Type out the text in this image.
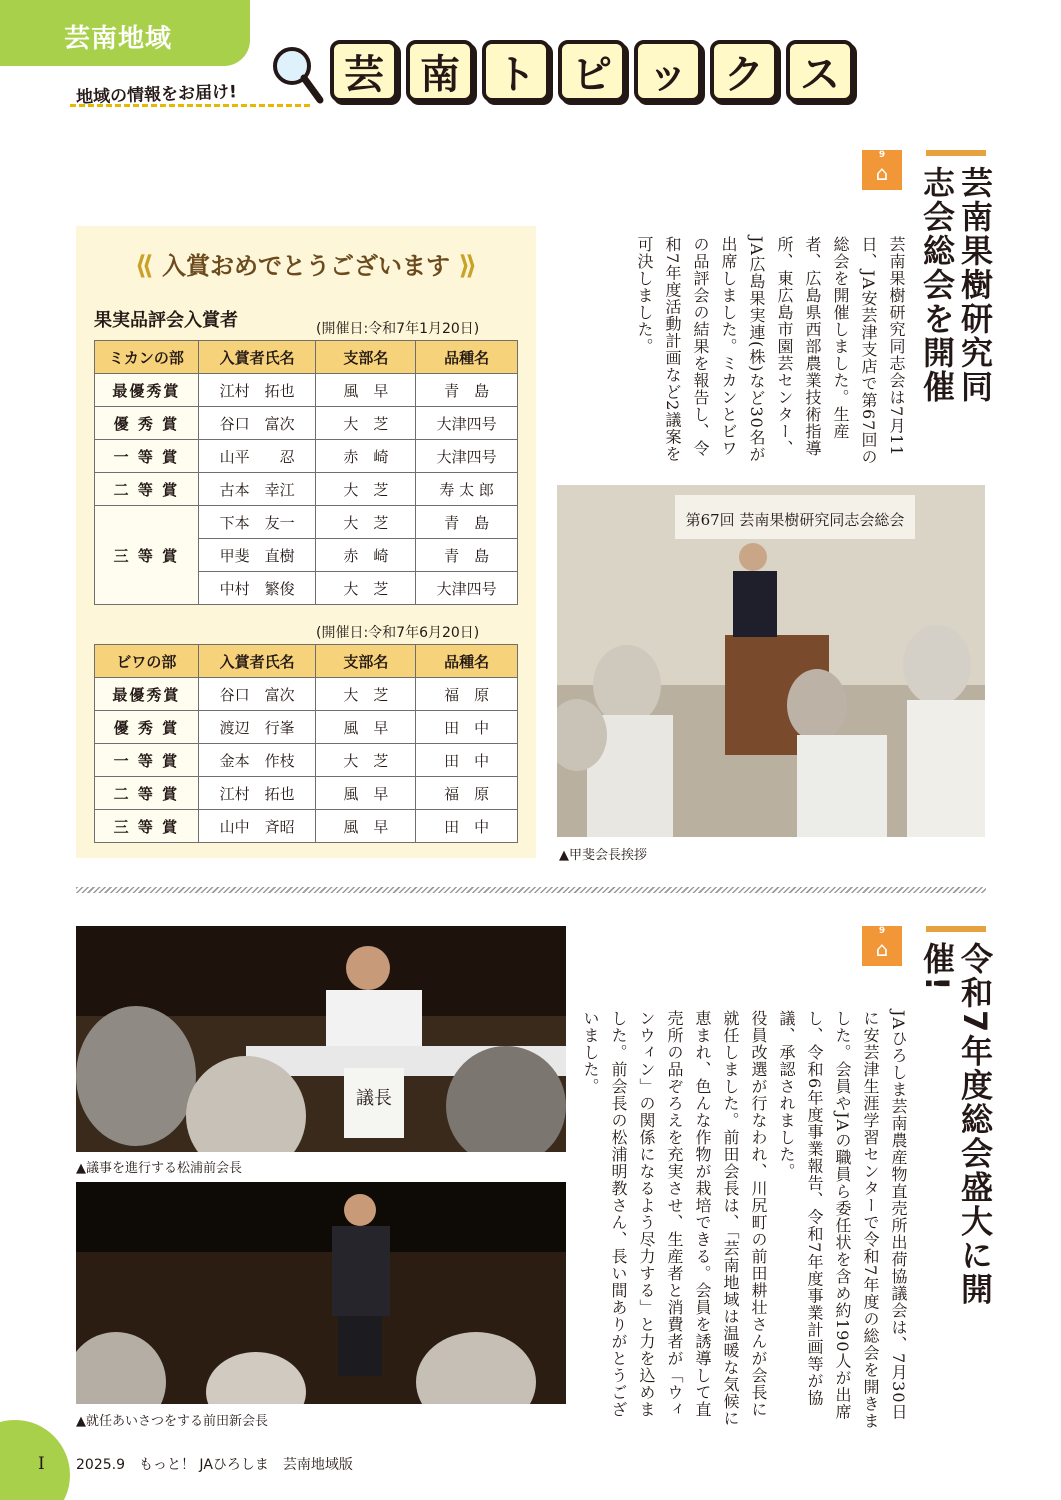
芸南地域
地域の情報をお届け!	芸 南 ト ピ ッ ク ス
9
⌂	芸南果樹研究同志会総会を開催
芸南果樹研究同志会は7月11日、JA安芸津支店で第67回の総会を開催しました。生産者、広島県西部農業技術指導所、東広島市園芸センター、JA広島果実連(株)など30名が出席しました。ミカンとビワの品評会の結果を報告し、令和7年度活動計画など2議案を可決しました。
第67回 芸南果樹研究同志会総会
▲甲斐会長挨拶
⟪ 入賞おめでとうございます ⟫
果実品評会入賞者	(開催日:令和7年1月20日)
ミカンの部	入賞者氏名	支部名	品種名
最優秀賞	江村　拓也	風　早	青　島
優 秀 賞	谷口　富次	大　芝	大津四号
一 等 賞	山平　　忍	赤　崎	大津四号
二 等 賞	古本　幸江	大　芝	寿 太 郎
三 等 賞	下本　友一	大　芝	青　島
	甲斐　直樹	赤　崎	青　島
	中村　繁俊	大　芝	大津四号
(開催日:令和7年6月20日)
ビワの部	入賞者氏名	支部名	品種名
最優秀賞	谷口　富次	大　芝	福　原
優 秀 賞	渡辺　行峯	風　早	田　中
一 等 賞	金本　作枝	大　芝	田　中
二 等 賞	江村　拓也	風　早	福　原
三 等 賞	山中　斉昭	風　早	田　中
9
⌂	令和7年度総会盛大に開催!
JAひろしま芸南農産物直売所出荷協議会は、7月30日に安芸津生涯学習センターで令和7年度の総会を開きました。会員やJAの職員ら委任状を含め約190人が出席し、令和6年度事業報告、令和7年度事業計画等が協議、承認されました。
役員改選が行なわれ、川尻町の前田耕壮さんが会長に就任しました。前田会長は、「芸南地域は温暖な気候に恵まれ、色んな作物が栽培できる。会員を誘導して直売所の品ぞろえを充実させ、生産者と消費者が「ウィンウィン」の関係になるよう尽力する」と力を込めました。前会長の松浦明教さん、長い間ありがとうございました。
議長
▲議事を進行する松浦前会長
▲就任あいさつをする前田新会長
I 2025.9　もっと！ JAひろしま　芸南地域版
